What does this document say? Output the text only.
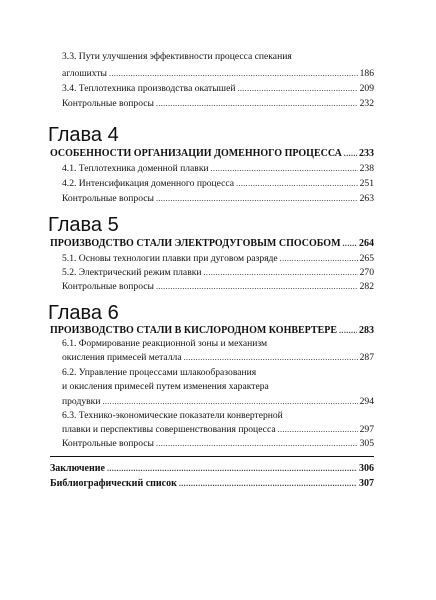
3.3. Пути улучшения эффективности процесса спекания
аглошихты .....	186
3.4. Теплотехника производства окатышей .....	209
Контрольные вопросы .....	232
Глава 4
ОСОБЕННОСТИ ОРГАНИЗАЦИИ ДОМЕННОГО ПРОЦЕССА ..... 233
4.1. Теплотехника доменной плавки .....	238
4.2. Интенсификация доменного процесса .....	251
Контрольные вопросы .....	263
Глава 5
ПРОИЗВОДСТВО СТАЛИ ЭЛЕКТРОДУГОВЫМ СПОСОБОМ ..... 264
5.1. Основы технологии плавки при дуговом разряде .....	265
5.2. Электрический режим плавки .....	270
Контрольные вопросы .....	282
Глава 6
ПРОИЗВОДСТВО СТАЛИ В КИСЛОРОДНОМ КОНВЕРТЕРЕ ..... 283
6.1. Формирование реакционной зоны и механизм
окисления примесей металла .....	287
6.2. Управление процессами шлакообразования
и окисления примесей путем изменения характера
продувки .....	294
6.3. Технико-экономические показатели конвертерной
плавки и перспективы совершенствования процесса .....	297
Контрольные вопросы .....	305
Заключение .....	306
Библиографический список .....	307
